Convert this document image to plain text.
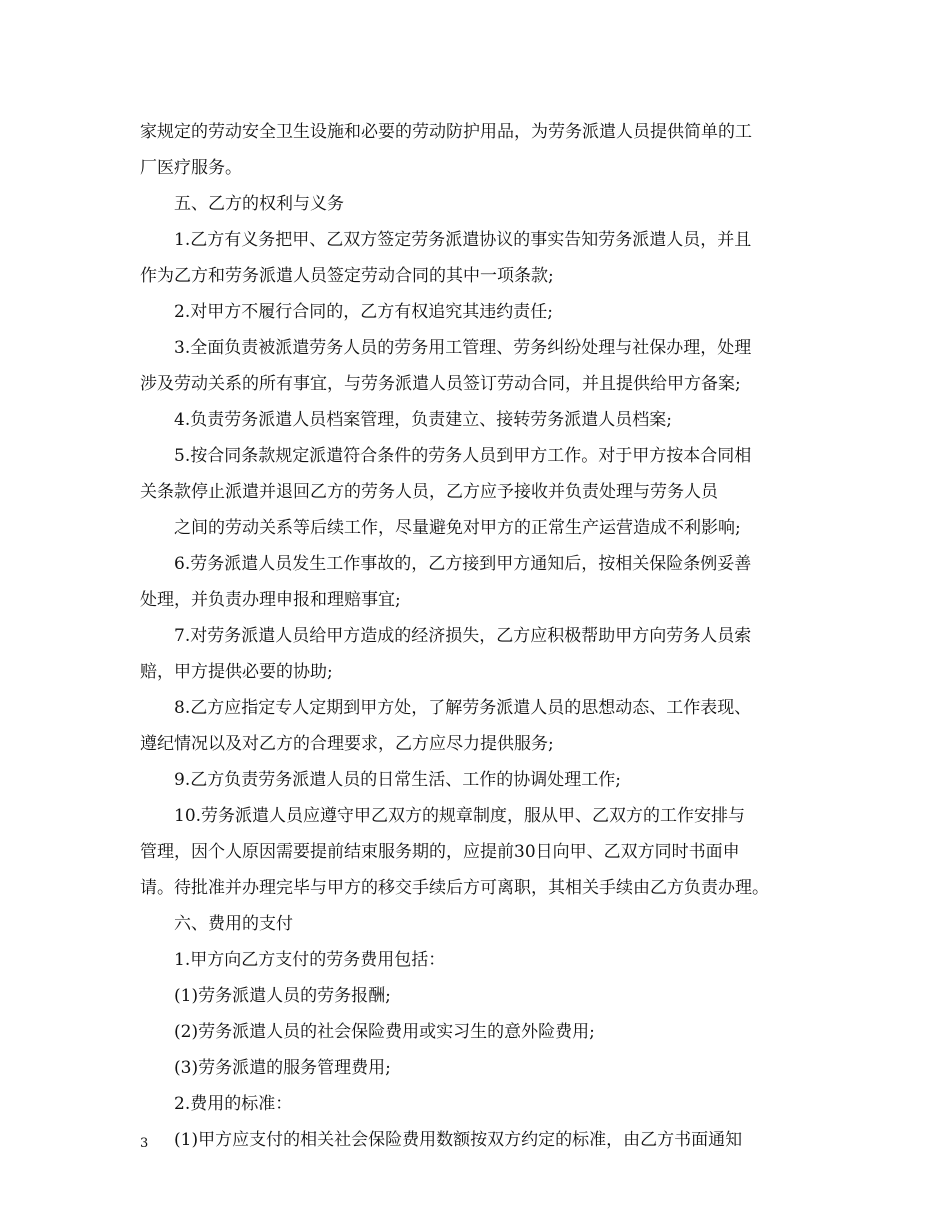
家规定的劳动安全卫生设施和必要的劳动防护用品，为劳务派遣人员提供简单的工
厂医疗服务。
五、乙方的权利与义务
1.乙方有义务把甲、乙双方签定劳务派遣协议的事实告知劳务派遣人员，并且
作为乙方和劳务派遣人员签定劳动合同的其中一项条款;
2.对甲方不履行合同的，乙方有权追究其违约责任;
3.全面负责被派遣劳务人员的劳务用工管理、劳务纠纷处理与社保办理，处理
涉及劳动关系的所有事宜，与劳务派遣人员签订劳动合同，并且提供给甲方备案;
4.负责劳务派遣人员档案管理，负责建立、接转劳务派遣人员档案;
5.按合同条款规定派遣符合条件的劳务人员到甲方工作。对于甲方按本合同相
关条款停止派遣并退回乙方的劳务人员，乙方应予接收并负责处理与劳务人员
之间的劳动关系等后续工作，尽量避免对甲方的正常生产运营造成不利影响;
6.劳务派遣人员发生工作事故的，乙方接到甲方通知后，按相关保险条例妥善
处理，并负责办理申报和理赔事宜;
7.对劳务派遣人员给甲方造成的经济损失，乙方应积极帮助甲方向劳务人员索
赔，甲方提供必要的协助;
8.乙方应指定专人定期到甲方处，了解劳务派遣人员的思想动态、工作表现、
遵纪情况以及对乙方的合理要求，乙方应尽力提供服务;
9.乙方负责劳务派遣人员的日常生活、工作的协调处理工作;
10.劳务派遣人员应遵守甲乙双方的规章制度，服从甲、乙双方的工作安排与
管理，因个人原因需要提前结束服务期的，应提前30日向甲、乙双方同时书面申
请。待批准并办理完毕与甲方的移交手续后方可离职，其相关手续由乙方负责办理。
六、费用的支付
1.甲方向乙方支付的劳务费用包括：
(1)劳务派遣人员的劳务报酬;
(2)劳务派遣人员的社会保险费用或实习生的意外险费用;
(3)劳务派遣的服务管理费用;
2.费用的标准：
(1)甲方应支付的相关社会保险费用数额按双方约定的标准，由乙方书面通知
3
